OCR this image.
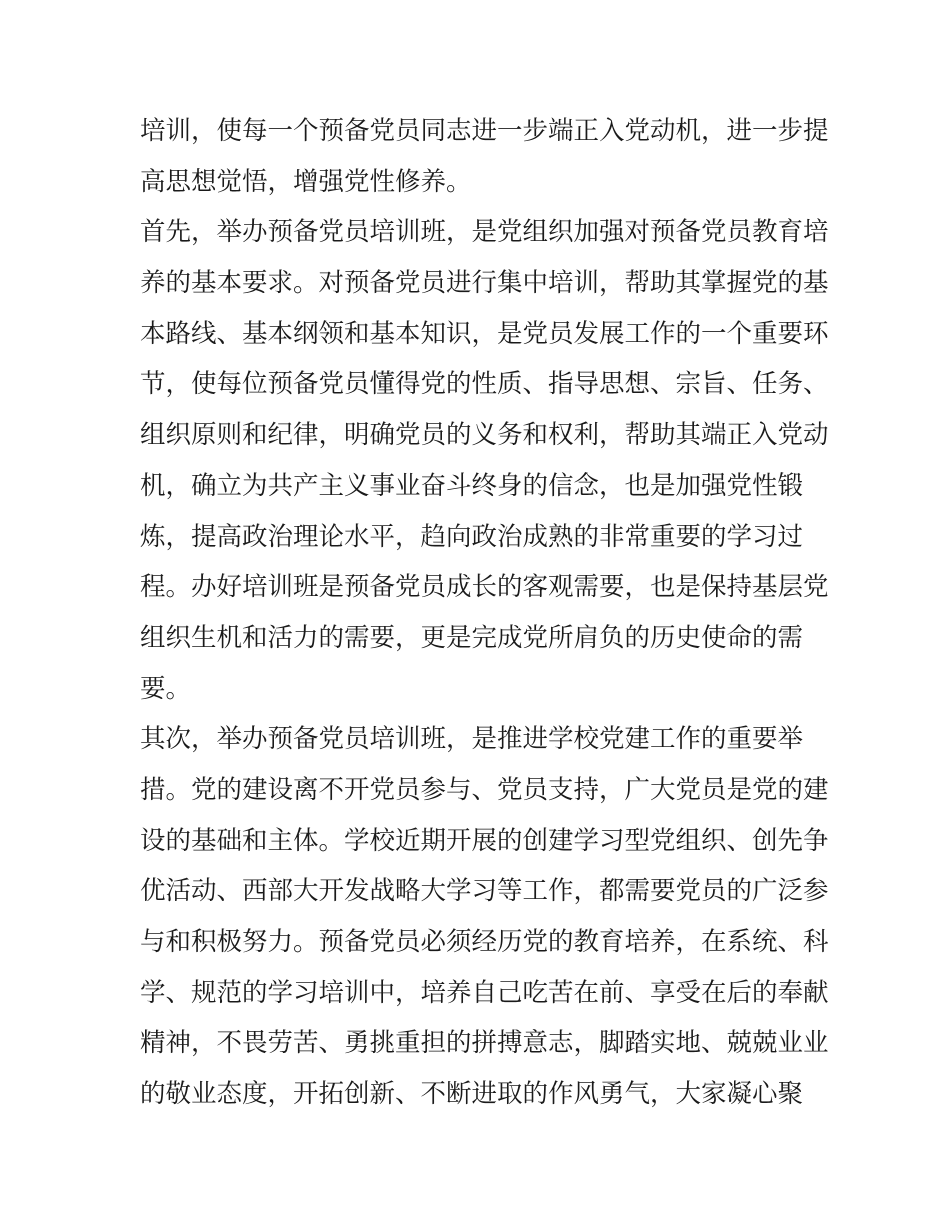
培训，使每一个预备党员同志进一步端正入党动机，进一步提
高思想觉悟，增强党性修养。
首先，举办预备党员培训班，是党组织加强对预备党员教育培
养的基本要求。对预备党员进行集中培训，帮助其掌握党的基
本路线、基本纲领和基本知识，是党员发展工作的一个重要环
节，使每位预备党员懂得党的性质、指导思想、宗旨、任务、
组织原则和纪律，明确党员的义务和权利，帮助其端正入党动
机，确立为共产主义事业奋斗终身的信念，也是加强党性锻
炼，提高政治理论水平，趋向政治成熟的非常重要的学习过
程。办好培训班是预备党员成长的客观需要，也是保持基层党
组织生机和活力的需要，更是完成党所肩负的历史使命的需
要。
其次，举办预备党员培训班，是推进学校党建工作的重要举
措。党的建设离不开党员参与、党员支持，广大党员是党的建
设的基础和主体。学校近期开展的创建学习型党组织、创先争
优活动、西部大开发战略大学习等工作，都需要党员的广泛参
与和积极努力。预备党员必须经历党的教育培养，在系统、科
学、规范的学习培训中，培养自己吃苦在前、享受在后的奉献
精神，不畏劳苦、勇挑重担的拼搏意志，脚踏实地、兢兢业业
的敬业态度，开拓创新、不断进取的作风勇气，大家凝心聚
